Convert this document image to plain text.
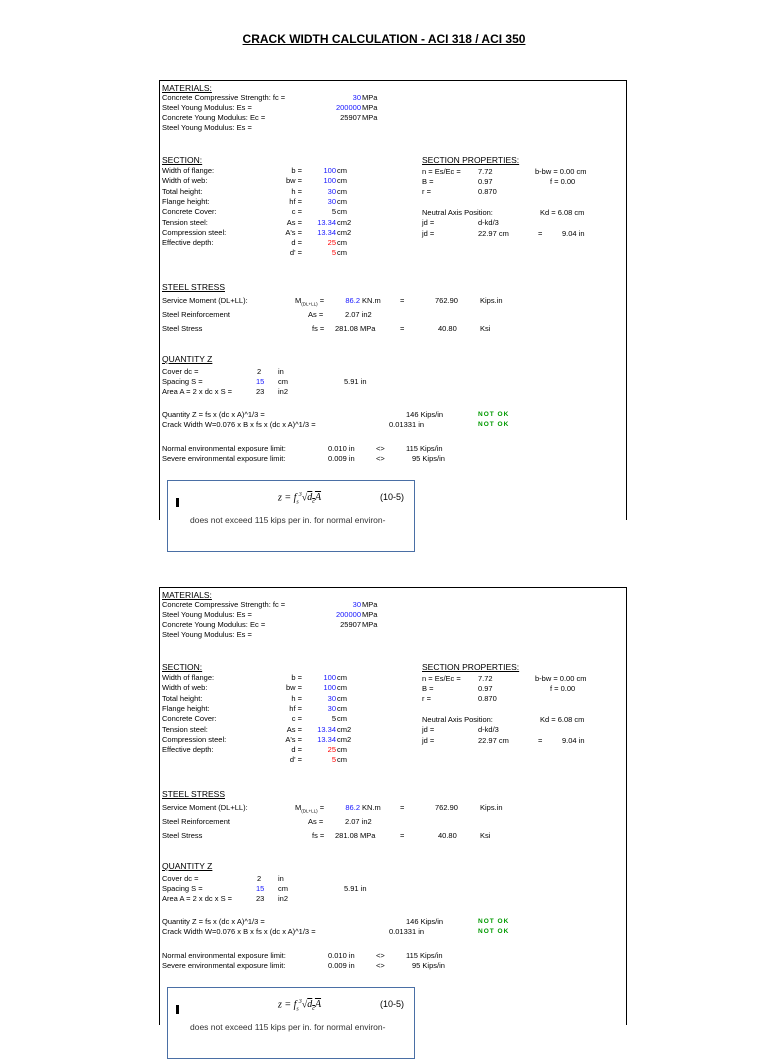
CRACK WIDTH CALCULATION - ACI 318 / ACI 350
MATERIALS:
Concrete Compressive Strength: fc =	30 MPa
Steel Young Modulus: Es =	200000 MPa
Concrete Young Modulus: Ec =	25907 MPa
Steel Young Modulus: Es =
SECTION:
Width of flange:	b =	100 cm
Width of web:	bw =	100 cm
Total height:	h =	30 cm
Flange height:	hf =	30 cm
Concrete Cover:	c =	5 cm
Tension steel:	As =	13.34 cm2
Compression steel:	A's =	13.34 cm2
Effective depth:	d =	25 cm
d' =	5 cm
SECTION PROPERTIES:
n = Es/Ec = 7.72	b-bw = 0.00 cm
B =	0.97	f = 0.00
r =	0.870
Neutral Axis Position:	Kd = 6.08 cm
jd =	d-kd/3
jd =	22.97 cm	=	9.04 in
STEEL STRESS
Service Moment (DL+LL):	$M_{(DL+LL)}$ =	86.2 KN.m	=	762.90	Kips.in
Steel Reinforcement	As =	2.07 in2
Steel Stress	fs = 281.08 MPa	=	40.80	Ksi
QUANTITY Z
Cover dc =	2 in
Spacing S =	15 cm	5.91 in
Area A = 2 x dc x S =	23 in2
Quantity Z = fs x (dc x A)^1/3 =	146 Kips/in	NOT OK
Crack Width W=0.076 x B x fs x (dc x A)^1/3 =	0.01331 in	NOT OK
Normal environmental exposure limit:	0.010 in	<>	115 Kips/in
Severe environmental exposure limit:	0.009 in	<>	95 Kips/in
$z = f_s^3√d_cA$	(10-5)
does not exceed 115 kips per in. for normal environ-
MATERIALS:
Concrete Compressive Strength: fc =	30 MPa
Steel Young Modulus: Es =	200000 MPa
Concrete Young Modulus: Ec =	25907 MPa
Steel Young Modulus: Es =
SECTION:
Width of flange:	b =	100 cm
Width of web:	bw =	100 cm
Total height:	h =	30 cm
Flange height:	hf =	30 cm
Concrete Cover:	c =	5 cm
Tension steel:	As =	13.34 cm2
Compression steel:	A's =	13.34 cm2
Effective depth:	d =	25 cm
d' =	5 cm
SECTION PROPERTIES:
n = Es/Ec = 7.72	b-bw = 0.00 cm
B =	0.97	f = 0.00
r =	0.870
Neutral Axis Position:	Kd = 6.08 cm
jd =	d-kd/3
jd =	22.97 cm	=	9.04 in
STEEL STRESS
Service Moment (DL+LL):	$M_{(DL+LL)}$ =	86.2 KN.m	=	762.90	Kips.in
Steel Reinforcement	As =	2.07 in2
Steel Stress	fs = 281.08 MPa	=	40.80	Ksi
QUANTITY Z
Cover dc =	2 in
Spacing S =	15 cm	5.91 in
Area A = 2 x dc x S =	23 in2
Quantity Z = fs x (dc x A)^1/3 =	146 Kips/in	NOT OK
Crack Width W=0.076 x B x fs x (dc x A)^1/3 =	0.01331 in	NOT OK
Normal environmental exposure limit:	0.010 in	<>	115 Kips/in
Severe environmental exposure limit:	0.009 in	<>	95 Kips/in
$z = f_s^3√d_cA$	(10-5)
does not exceed 115 kips per in. for normal environ-
